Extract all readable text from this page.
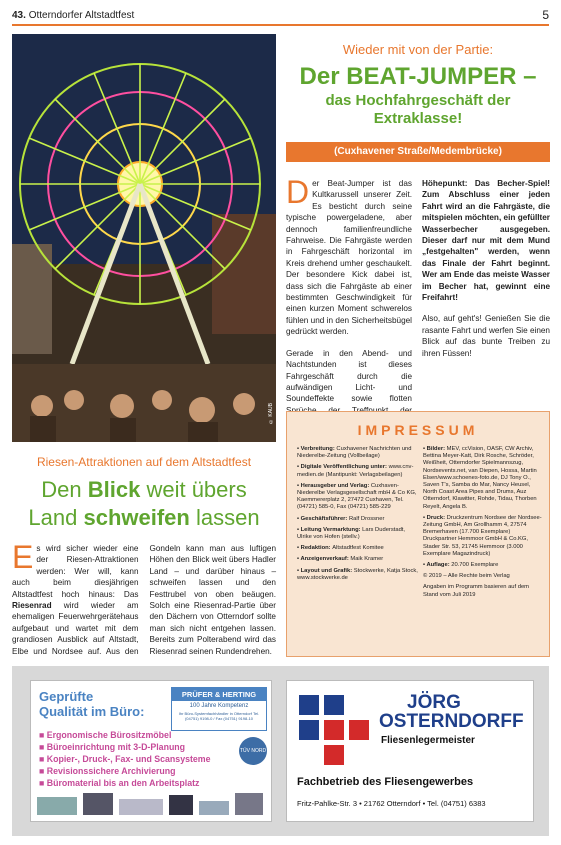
43. Otterndorfer Altstadtfest	5
© KAUB
Wieder mit von der Partie:
Der BEAT-JUMPER –
das Hochfahrgeschäft der Extraklasse!
(Cuxhavener Straße/Medembrücke)

Der Beat-Jumper ist das Kultkarussell unserer Zeit. Es besticht durch seine typische powergeladene, aber dennoch familienfreundliche Fahrweise. Die Fahrgäste werden in Fahrgeschäft horizontal im Kreis drehend umher geschaukelt. Der besondere Kick dabei ist, dass sich die Fahrgäste ab einer bestimmten Geschwindigkeit für einen kurzen Moment schwerelos fühlen und in den Sicherheitsbügel gedrückt werden.

Gerade in den Abend- und Nachtstunden ist dieses Fahrgeschäft durch die aufwändigen Licht- und Soundeffekte sowie flotten

Höhepunkt: Das Becher-Spiel! Zum Abschluss einer jeden Fahrt wird an die Fahrgäste, die mitspielen möchten, ein gefüllter Wasserbecher ausgegeben. Dieser darf nur mit dem Mund „festgehalten" werden, wenn das Finale der Fahrt beginnt. Wer am Ende das meiste Wasser im Becher hat, gewinnt eine Freifahrt!

Also, auf geht's! Genießen Sie die rasante Fahrt und werfen Sie einen Blick auf das bunte Treiben zu ihren Füssen!

IMPRESSUM
• Verbreitung: Cuxhavener Nachrichten und Niederelbe-Zeitung (Vollbeilage)
• Digitale Veröffentlichung unter: www.cnv-medien.de (Mantipunkt: Verlagsbeilagen)
• Herausgeber und Verlag: Cuxhaven-Niederelbe Verlagsgesellschaft mbH & Co KG, Kaemmererplatz 2, 27472 Cuxhaven, Tel. (04721) 585-0, Fax (04721) 585-229
• Geschäftsführer: Ralf Drossner
• Leitung Vermarktung: Lars Duderstadt, Ulrike von Hofen (stellv.)
• Redaktion: Altstadtfest Komitee
• Anzeigenverkauf: Maik Kramer
• Layout und Grafik: Stockwerke, Katja Stock, www.stockwerke.de
• Bilder: MEV, ccVision, OASF, CW Archiv, Bettina Meyer-Katt, Dirk Rosche, Schröder, Weißheit, Otterndorfer Spielmannszug, Nordsevents.net, van Diepen, Hossa, Martin Elsen/www.schoenes-foto.de, DJ Tony O., Saven T's, Samba do Mar, Nancy Heusel, North Coast Area Pipes and Drums, Auz Otterndorf, Klawitter, Rohde, Tidau, Thorben Reyelt, Angela B.
• Druck: Druckzentrum Nordsee der Nordsee-Zeitung GmbH, Am Grollhamm 4, 27574 Bremerhaven (17.700 Exemplare) Druckpartner Hemmoor GmbH & Co.KG, Stader Str. 53, 21745 Hemmoor (3.000 Exemplare Magazindruck)
• Auflage: 20.700 Exemplare
© 2019 – Alle Rechte beim Verlag
Angaben im Programm basieren auf dem Stand vom Juli 2019
Riesen-Attraktionen auf dem Altstadtfest
Den Blick weit übers
Land schweifen lassen

Es wird sicher wieder eine der Riesen-Attraktionen werden: Wer will, kann auch beim diesjährigen Altstadtfest hoch hinaus: Das Riesenrad wird wieder am ehemaligen Feuerwehrgerätehaus aufgebaut und wartet mit dem grandiosen Ausblick auf Altstadt, Elbe und Nordsee auf. Aus den Gondeln kann man aus luftigen Höhen den Blick weit übers Hadler Land – und darüber hinaus – schweifen lassen und den Festtrubel von oben beäugen. Solch eine Riesenrad-Partie über den Dächern von Otterndorf sollte man sich nicht entgehen lassen. Bereits zum Polterabend wird das Riesenrad seinen Rundendrehen.

Geprüfte
Qualität im Büro:
PRÜFER & HERTING
100 Jahre Kompetenz
Ihr Büro-Systemfachhändler in Otterndorf Tel. (04751) 9198-0 / Fax (04751) 9198-10
■ Ergonomische Bürositzmöbel
■ Büroeinrichtung mit 3-D-Planung
■ Kopier-, Druck-, Fax- und Scansysteme
■ Revisionssichere Archivierung
■ Büromaterial bis an den Arbeitsplatz
TÜV NORD
JÖRG
OSTERNDORFF
Fliesenlegermeister
Fachbetrieb des Fliesengewerbes
Fritz-Pahlke-Str. 3 • 21762 Otterndorf • Tel. (04751) 6383
